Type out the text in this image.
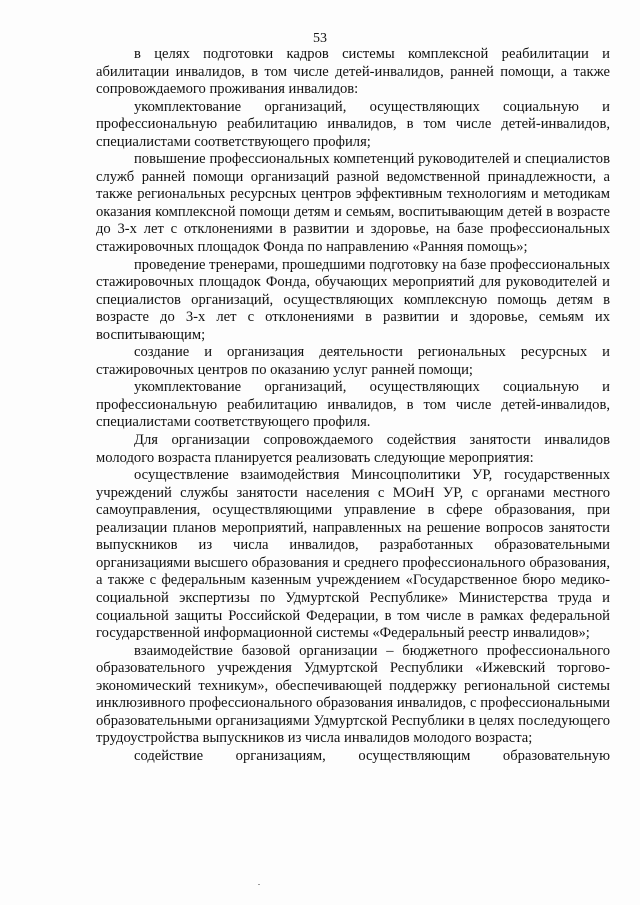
53

в целях подготовки кадров системы комплексной реабилитации и абилитации инвалидов, в том числе детей-инвалидов, ранней помощи, а также сопровождаемого проживания инвалидов:

укомплектование организаций, осуществляющих социальную и профессиональную реабилитацию инвалидов, в том числе детей-инвалидов, специалистами соответствующего профиля;

повышение профессиональных компетенций руководителей и специалистов служб ранней помощи организаций разной ведомственной принадлежности, а также региональных ресурсных центров эффективным технологиям и методикам оказания комплексной помощи детям и семьям, воспитывающим детей в возрасте до 3-х лет с отклонениями в развитии и здоровье, на базе профессиональных стажировочных площадок Фонда по направлению «Ранняя помощь»;

проведение тренерами, прошедшими подготовку на базе профессиональных стажировочных площадок Фонда, обучающих мероприятий для руководителей и специалистов организаций, осуществляющих комплексную помощь детям в возрасте до 3-х лет с отклонениями в развитии и здоровье, семьям их воспитывающим;

создание и организация деятельности региональных ресурсных и стажировочных центров по оказанию услуг ранней помощи;

укомплектование организаций, осуществляющих социальную и профессиональную реабилитацию инвалидов, в том числе детей-инвалидов, специалистами соответствующего профиля.

Для организации сопровождаемого содействия занятости инвалидов молодого возраста планируется реализовать следующие мероприятия:

осуществление взаимодействия Минсоцполитики УР, государственных учреждений службы занятости населения с МОиН УР, с органами местного самоуправления, осуществляющими управление в сфере образования, при реализации планов мероприятий, направленных на решение вопросов занятости выпускников из числа инвалидов, разработанных образовательными организациями высшего образования и среднего профессионального образования, а также с федеральным казенным учреждением «Государственное бюро медико-социальной экспертизы по Удмуртской Республике» Министерства труда и социальной защиты Российской Федерации, в том числе в рамках федеральной государственной информационной системы «Федеральный реестр инвалидов»;

взаимодействие базовой организации – бюджетного профессионального образовательного учреждения Удмуртской Республики «Ижевский торгово-экономический техникум», обеспечивающей поддержку региональной системы инклюзивного профессионального образования инвалидов, с профессиональными образовательными организациями Удмуртской Республики в целях последующего трудоустройства выпускников из числа инвалидов молодого возраста;

содействие организациям, осуществляющим образовательную
